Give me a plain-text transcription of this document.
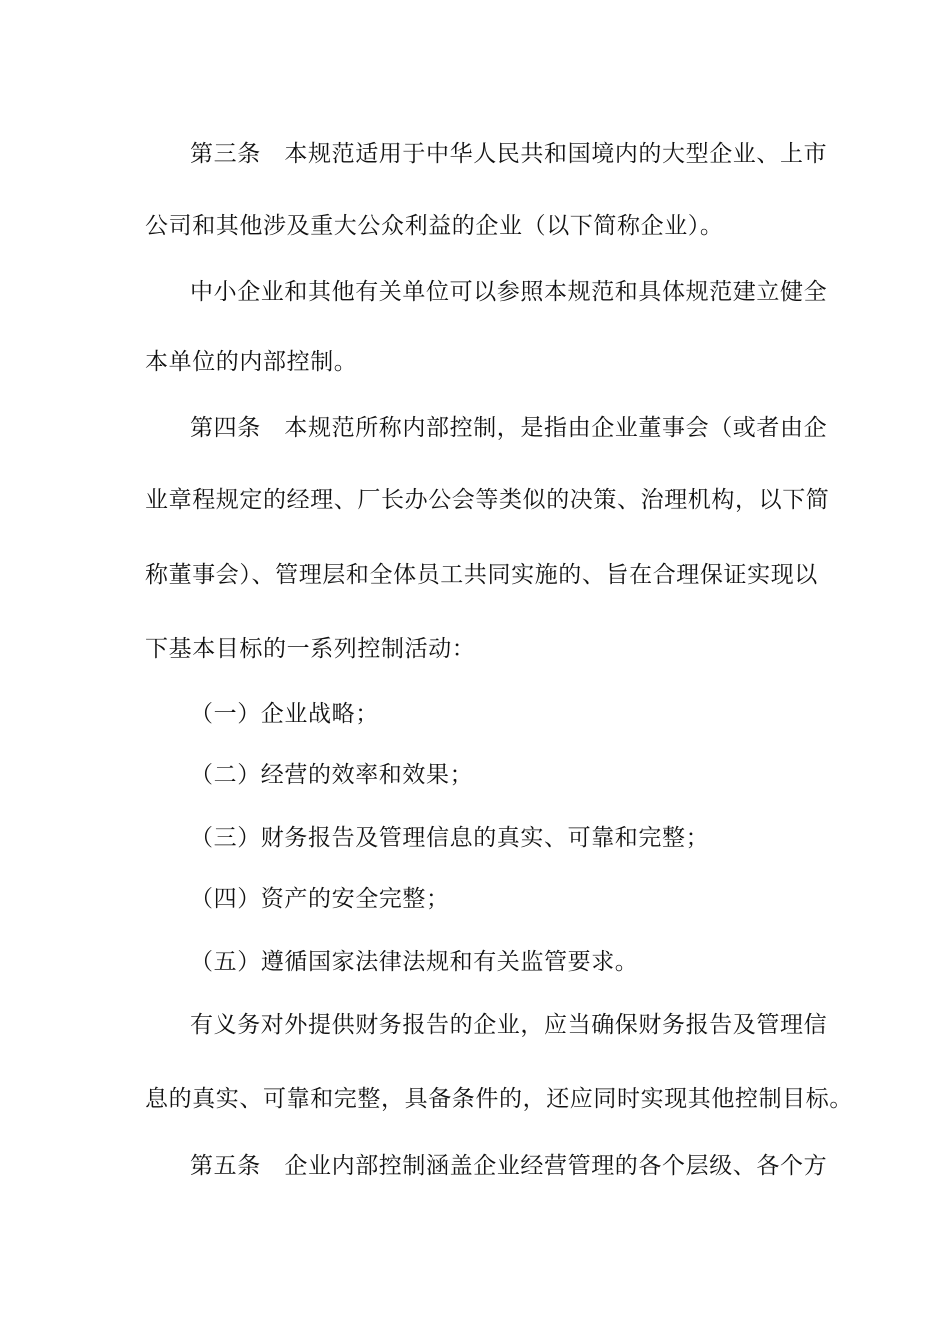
第三条　本规范适用于中华人民共和国境内的大型企业、上市
公司和其他涉及重大公众利益的企业（以下简称企业）。
中小企业和其他有关单位可以参照本规范和具体规范建立健全
本单位的内部控制。
第四条　本规范所称内部控制，是指由企业董事会（或者由企
业章程规定的经理、厂长办公会等类似的决策、治理机构，以下简
称董事会）、管理层和全体员工共同实施的、旨在合理保证实现以
下基本目标的一系列控制活动：
（一）企业战略；
（二）经营的效率和效果；
（三）财务报告及管理信息的真实、可靠和完整；
（四）资产的安全完整；
（五）遵循国家法律法规和有关监管要求。
有义务对外提供财务报告的企业，应当确保财务报告及管理信
息的真实、可靠和完整，具备条件的，还应同时实现其他控制目标。
第五条　企业内部控制涵盖企业经营管理的各个层级、各个方
